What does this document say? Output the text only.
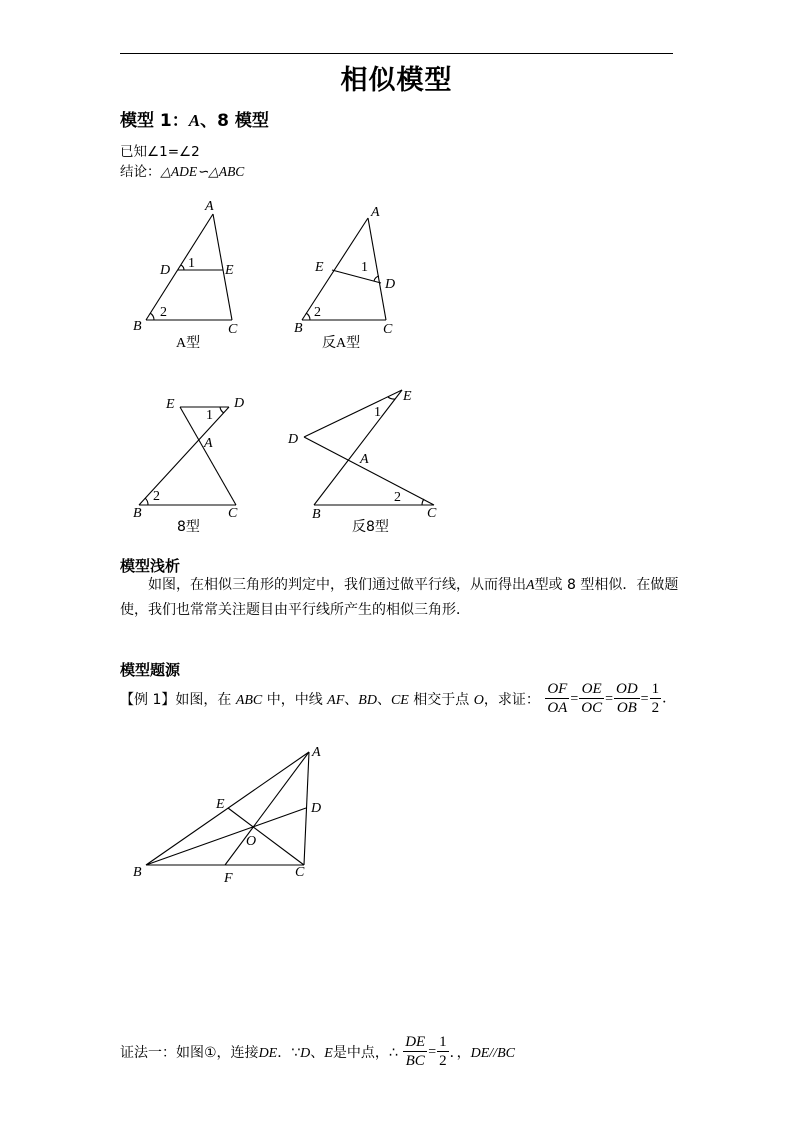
相似模型
模型 1：A、8 模型
已知∠1=∠2
结论：△ADE∽△ABC
A
D	E
1
2
B	C
A型
A
E	1
D
2
B	C
反A型
E	D
1
A
2
B	C
8型
E
1
D
A
2
B	C
反8型
A
E	D
O
B	F	C
模型浅析
如图，在相似三角形的判定中，我们通过做平行线，从而得出A型或 8 型相似．在做题使，我们也常常关注题目由平行线所产生的相似三角形．
模型题源
【例 1】如图，在 ABC 中，中线 AF、BD、CE 相交于点 O，求证： $\frac{OF}{OA} = \frac{OE}{OC} = \frac{OD}{OB} = \frac{1}{2}$ ．
证法一：如图①，连接DE．∵D、E是中点，∴ $\frac{DE}{BC} = \frac{1}{2}$ ．，DE//BC
